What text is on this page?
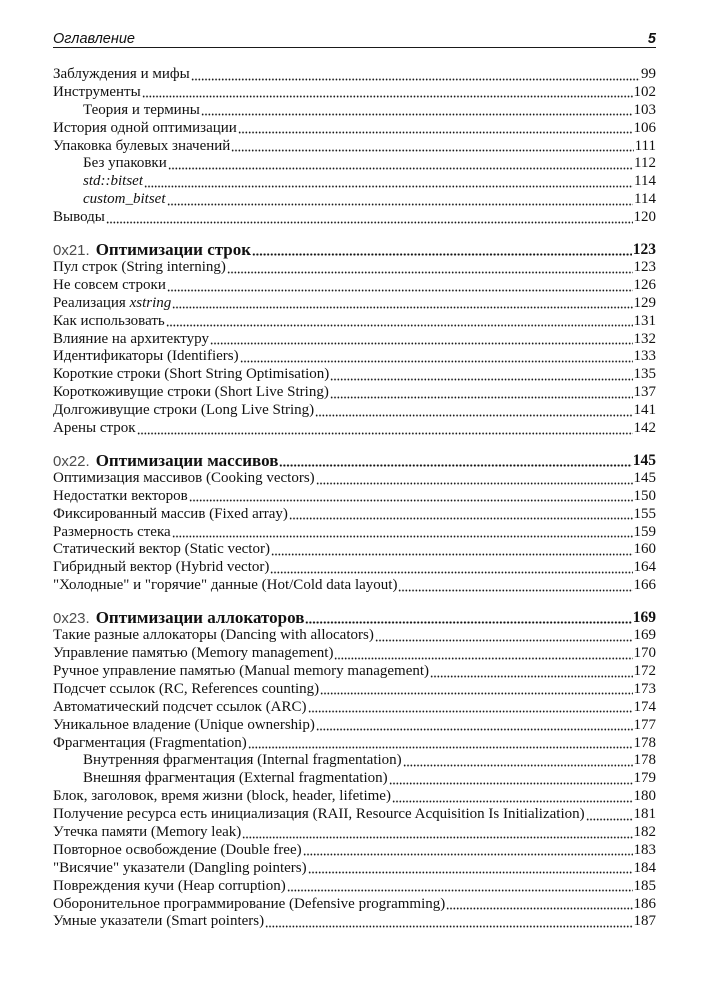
Оглавление	5
Заблуждения и мифы	99
Инструменты	102
Теория и термины	103
История одной оптимизации	106
Упаковка булевых значений	111
Без упаковки	112
std::bitset	114
custom_bitset	114
Выводы	120
0x21. Оптимизации строк	123
Пул строк (String interning)	123
Не совсем строки	126
Реализация xstring	129
Как использовать	131
Влияние на архитектуру	132
Идентификаторы (Identifiers)	133
Короткие строки (Short String Optimisation)	135
Короткоживущие строки (Short Live String)	137
Долгоживущие строки (Long Live String)	141
Арены строк	142
0x22. Оптимизации массивов	145
Оптимизация массивов (Cooking vectors)	145
Недостатки векторов	150
Фиксированный массив (Fixed array)	155
Размерность стека	159
Статический вектор (Static vector)	160
Гибридный вектор (Hybrid vector)	164
"Холодные" и "горячие" данные (Hot/Cold data layout)	166
0x23. Оптимизации аллокаторов	169
Такие разные аллокаторы (Dancing with allocators)	169
Управление памятью (Memory management)	170
Ручное управление памятью (Manual memory management)	172
Подсчет ссылок (RC, References counting)	173
Автоматический подсчет ссылок (ARC)	174
Уникальное владение (Unique ownership)	177
Фрагментация (Fragmentation)	178
Внутренняя фрагментация (Internal fragmentation)	178
Внешняя фрагментация (External fragmentation)	179
Блок, заголовок, время жизни (block, header, lifetime)	180
Получение ресурса есть инициализация (RAII, Resource Acquisition Is Initialization)	181
Утечка памяти (Memory leak)	182
Повторное освобождение (Double free)	183
"Висячие" указатели (Dangling pointers)	184
Повреждения кучи (Heap corruption)	185
Оборонительное программирование (Defensive programming)	186
Умные указатели (Smart pointers)	187
